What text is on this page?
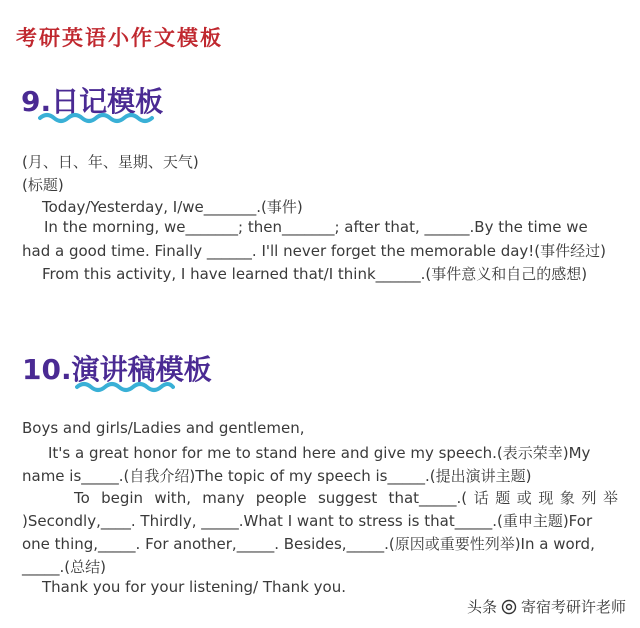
考研英语小作文模板
9.日记模板
(月、日、年、星期、天气)
(标题)
Today/Yesterday, I/we_______.(事件)
In the morning, we_______; then_______; after that, ______.By the time we
had a good time. Finally ______. I'll never forget the memorable day!(事件经过)
From this activity, I have learned that/I think______.(事件意义和自己的感想)
10.演讲稿模板
Boys and girls/Ladies and gentlemen,
It's a great honor for me to stand here and give my speech.(表示荣幸)My
name is_____.(自我介绍)The topic of my speech is_____.(提出演讲主题)
To begin with, many people suggest that_____.(话题或现象列举
)Secondly,____. Thirdly, _____.What I want to stress is that_____.(重申主题)For
one thing,_____. For another,_____. Besides,_____.(原因或重要性列举)In a word,
_____.(总结)
Thank you for your listening/ Thank you.
头条 寄宿考研许老师
